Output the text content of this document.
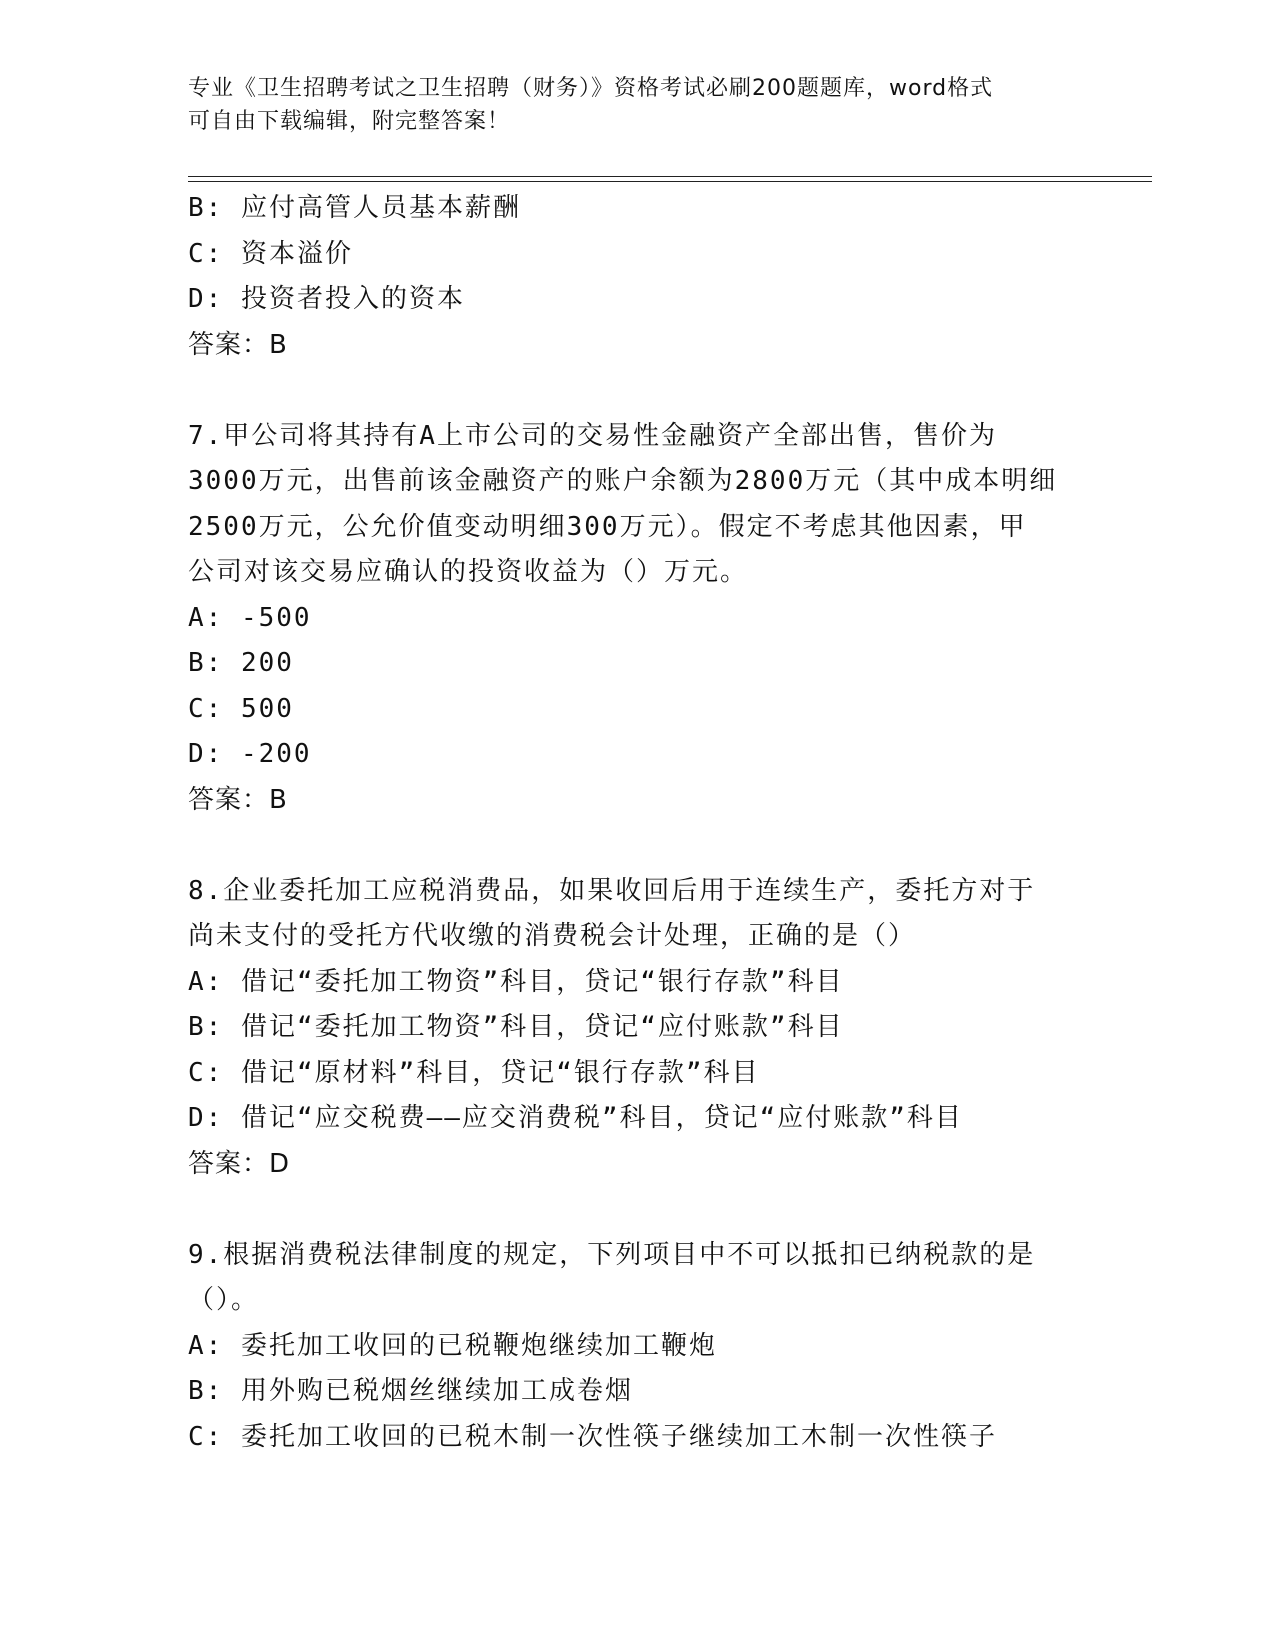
专业《卫生招聘考试之卫生招聘（财务）》资格考试必刷200题题库，word格式
可自由下载编辑，附完整答案！
B: 应付高管人员基本薪酬
C: 资本溢价
D: 投资者投入的资本
答案：B
7.甲公司将其持有A上市公司的交易性金融资产全部出售，售价为
3000万元，出售前该金融资产的账户余额为2800万元（其中成本明细
2500万元，公允价值变动明细300万元）。假定不考虑其他因素，甲
公司对该交易应确认的投资收益为（）万元。
A: -500
B: 200
C: 500
D: -200
答案：B
8.企业委托加工应税消费品，如果收回后用于连续生产，委托方对于
尚未支付的受托方代收缴的消费税会计处理，正确的是（）
A: 借记“委托加工物资”科目，贷记“银行存款”科目
B: 借记“委托加工物资”科目，贷记“应付账款”科目
C: 借记“原材料”科目，贷记“银行存款”科目
D: 借记“应交税费——应交消费税”科目，贷记“应付账款”科目
答案：D
9.根据消费税法律制度的规定，下列项目中不可以抵扣已纳税款的是
（）。
A: 委托加工收回的已税鞭炮继续加工鞭炮
B: 用外购已税烟丝继续加工成卷烟
C: 委托加工收回的已税木制一次性筷子继续加工木制一次性筷子
